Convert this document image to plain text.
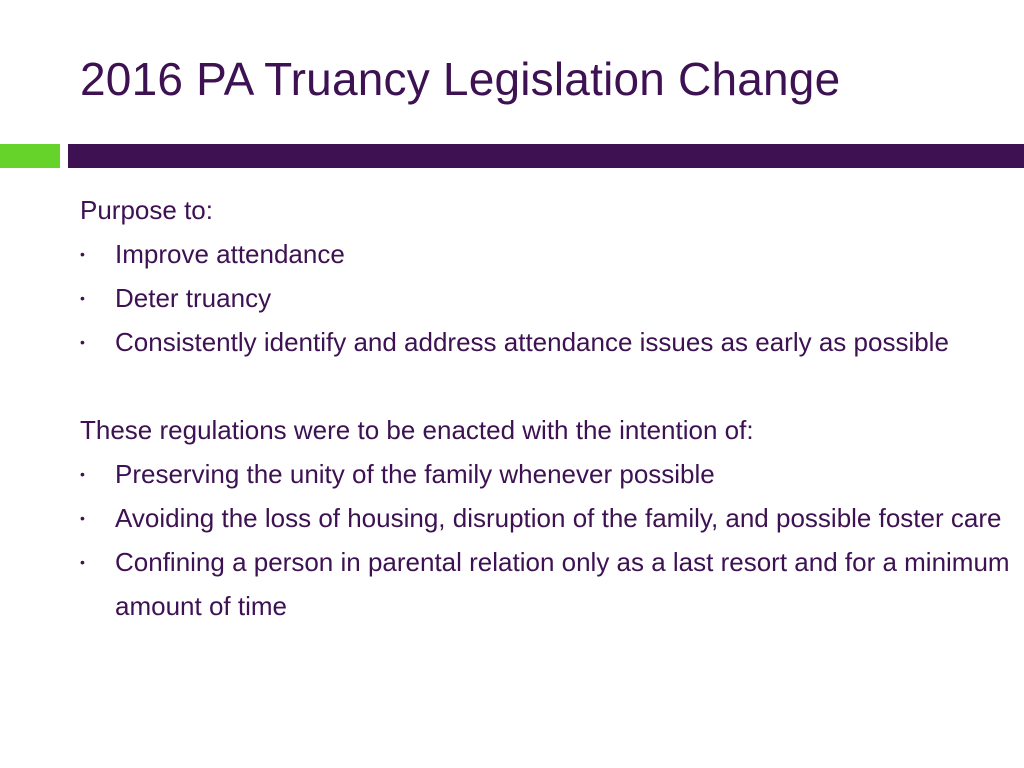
2016 PA Truancy Legislation Change

Purpose to:

• Improve attendance
• Deter truancy
• Consistently identify and address attendance issues as early as possible

These regulations were to be enacted with the intention of:

• Preserving the unity of the family whenever possible
• Avoiding the loss of housing, disruption of the family, and possible foster care
• Confining a person in parental relation only as a last resort and for a minimum amount of time
